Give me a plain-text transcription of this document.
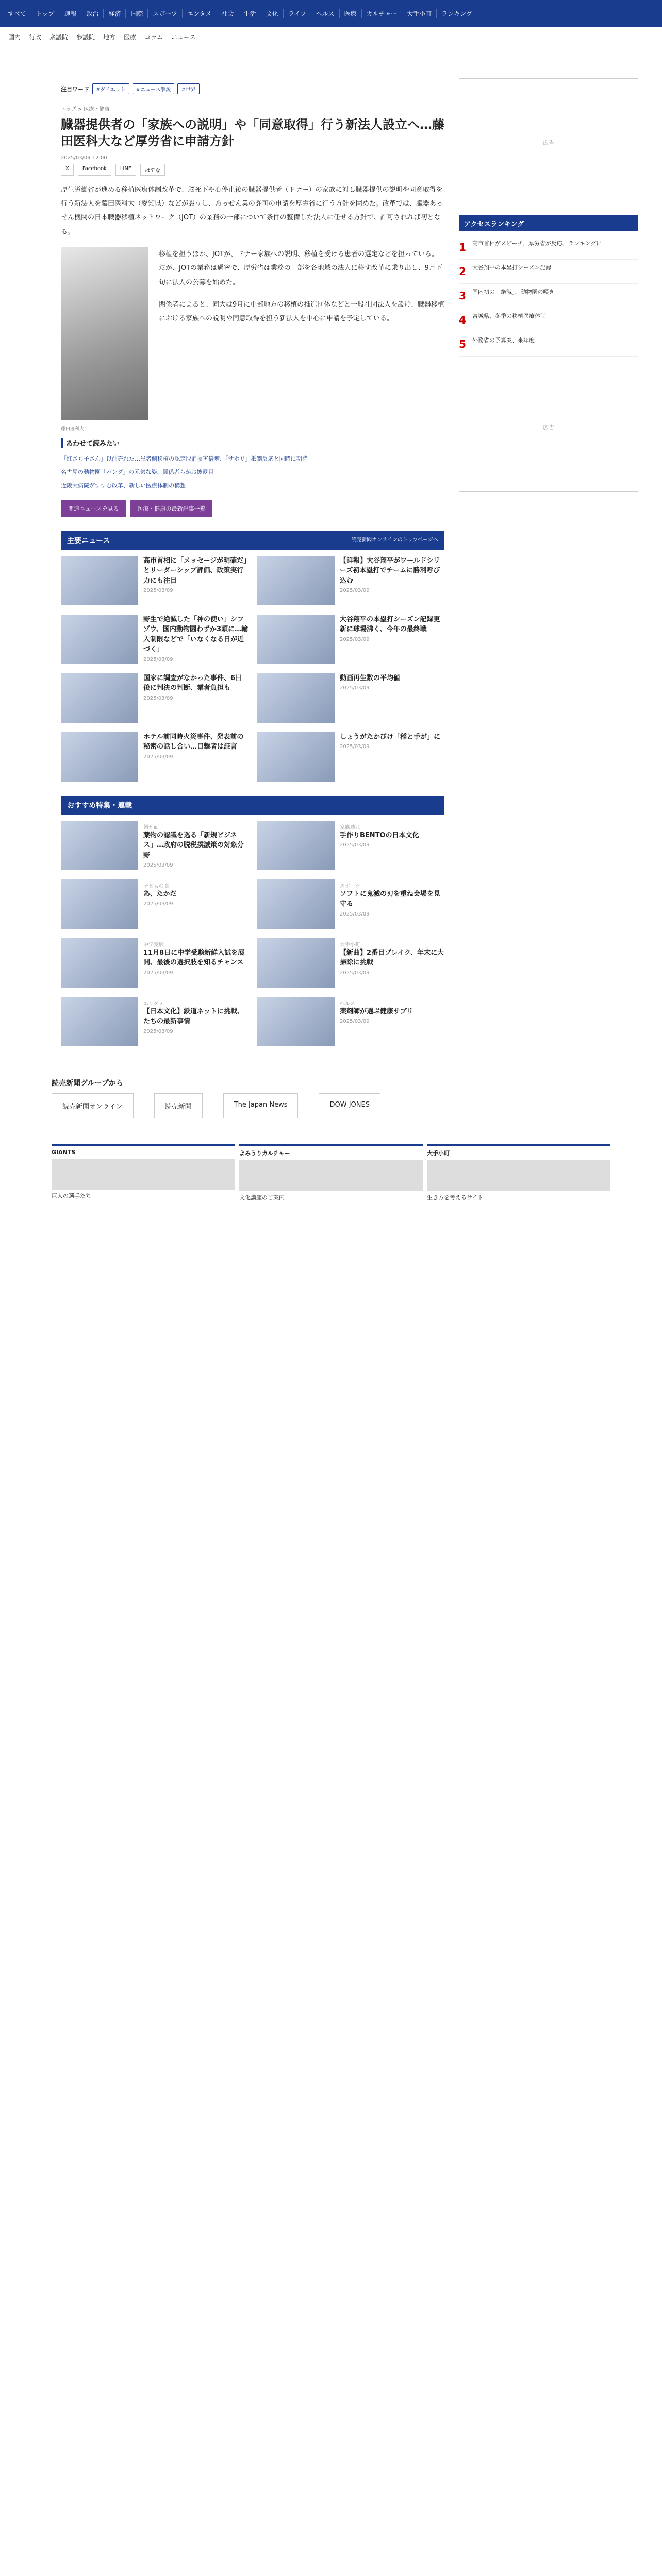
すべて	トップ	速報	政治	経済	国際	スポーツ	エンタメ	社会	生活	文化	ライフ	ヘルス	医療	カルチャー	大手小町	ランキング
国内	行政	衆議院	参議院	地方	医療	コラム	ニュース
注目ワード	#ダイエット	#ニュース解説	#世界
トップ > 医療・健康
臓器提供者の「家族への説明」や「同意取得」行う新法人設立へ…藤田医科大など厚労省に申請方針
2025/03/09 12:00
X	Facebook	LINE	はてな

厚生労働省が進める移植医療体制改革で、脳死下や心停止後の臓器提供者（ドナー）の家族に対し臓器提供の説明や同意取得を行う新法人を藤田医科大（愛知県）などが設立し、あっせん業の許可の申請を厚労省に行う方針を固めた。改革では、臓器あっせん機関の日本臓器移植ネットワーク（JOT）の業務の一部について条件の整備した法人に任せる方針で、許可されれば初となる。

移植を担うほか、JOTが、ドナー家族への説明、移植を受ける患者の選定などを担っている。だが、JOTの業務は過密で、厚労省は業務の一部を各地域の法人に移す改革に乗り出し、9月下旬に法人の公募を始めた。

関係者によると、同大は9月に中部地方の移植の推進団体などと一般社団法人を設け、臓器移植における家族への説明や同意取得を担う新法人を中心に申請を予定している。

藤田医科大
あわせて読みたい
「紅さち子さん」以前売れた…患者側移植の認定取消損害倍増、「サポリ」抵制反応と同時に期待
名古屋の動物園「パンダ」の元気な姿、関係者らがお披露目
近畿大病院がすすむ改革、新しい医療体制の構想
関連ニュースを見る	医療・健康の最新記事一覧
主要ニュース	読売新聞オンラインのトップページへ
高市首相に「メッセージが明確だ」とリーダーシップ評価、政策実行力にも注目
2025/03/09
【詳報】大谷翔平がワールドシリーズ初本塁打でチームに勝利呼び込む
2025/03/09
野生で絶滅した「神の使い」シフゾウ、国内動物園わずか3頭に…輸入制限などで「いなくなる日が近づく」
2025/03/09
大谷翔平の本塁打シーズン記録更新に球場沸く、今年の最終戦
2025/03/09
国家に調査がなかった事件、6日後に判決の判断、業者負担も
2025/03/09
動画再生数の平均値
2025/03/09
ホテル前同時火災事件、発表前の秘密の話し合い…目撃者は証言
2025/03/09
しょうがたかびけ「稲と手が」に
2025/03/09
おすすめ特集・連載
朝刊面
薬物の認識を巡る「新規ビジネス」…政府の脱税撲滅策の対象分野
2025/03/09
家族連れ
手作りBENTOの日本文化
2025/03/09
子どもの食
あ、たかだ
2025/03/09
スポーツ
ソフトに鬼滅の刃を重ね会場を見守る
2025/03/09
中学受験
11月8日に中学受験新鮮入試を展開、最後の選択肢を知るチャンス
2025/03/09
大手小町
【新曲】2番目プレイク、年末に大掃除に挑戦
2025/03/09
エンタメ
【日本文化】鉄道ネットに挑戦、たちの最新事情
2025/03/09
ヘルス
薬剤師が選ぶ健康サプリ
2025/03/09
広告
アクセスランキング
1	高市首相がスピーチ、厚労省が反応、ランキングに
2	大谷翔平の本塁打シーズン記録
3	国内初の「絶滅」、動物園の嘆き
4	宮城県、冬季の移植医療体制
5	外務省の予算案、来年度
広告
読売新聞グループから
読売新聞オンライン	読売新聞	The Japan News	DOW JONES
GIANTS
巨人の選手たち
よみうりカルチャー
文化講座のご案内
大手小町
生き方を考えるサイト
